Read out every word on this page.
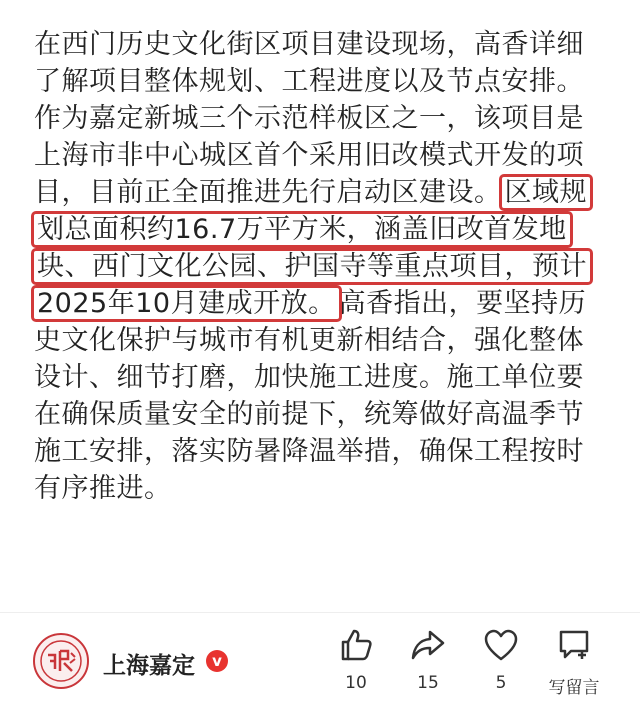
在西门历史文化街区项目建设现场，高香详细
了解项目整体规划、工程进度以及节点安排。
作为嘉定新城三个示范样板区之一，该项目是
上海市非中心城区首个采用旧改模式开发的项
目，目前正全面推进先行启动区建设。 区域规
划总面积约16.7万平方米，涵盖旧改首发地
块、西门文化公园、护国寺等重点项目，预计
2025年10月建成开放。 高香指出，要坚持历
史文化保护与城市有机更新相结合，强化整体
设计、细节打磨，加快施工进度。施工单位要
在确保质量安全的前提下，统筹做好高温季节
施工安排，落实防暑降温举措，确保工程按时
有序推进。
上海嘉定	v
10	15	5	写留言
